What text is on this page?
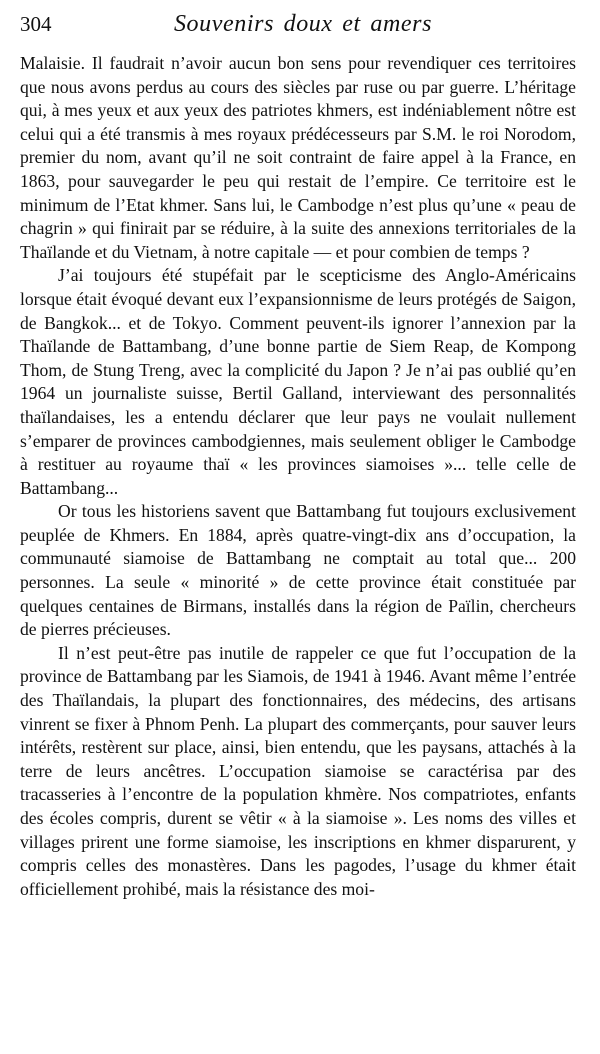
304	Souvenirs doux et amers

Malaisie. Il faudrait n’avoir aucun bon sens pour revendiquer ces territoires que nous avons perdus au cours des siècles par ruse ou par guerre. L’héritage qui, à mes yeux et aux yeux des patriotes khmers, est indéniablement nôtre est celui qui a été transmis à mes royaux prédécesseurs par S.M. le roi Norodom, premier du nom, avant qu’il ne soit contraint de faire appel à la France, en 1863, pour sauvegarder le peu qui restait de l’empire. Ce territoire est le minimum de l’Etat khmer. Sans lui, le Cambodge n’est plus qu’une « peau de chagrin » qui finirait par se réduire, à la suite des annexions territoriales de la Thaïlande et du Vietnam, à notre capitale — et pour combien de temps ?

J’ai toujours été stupéfait par le scepticisme des Anglo-Américains lorsque était évoqué devant eux l’expansionnisme de leurs protégés de Saigon, de Bangkok... et de Tokyo. Comment peuvent-ils ignorer l’annexion par la Thaïlande de Battambang, d’une bonne partie de Siem Reap, de Kompong Thom, de Stung Treng, avec la complicité du Japon ? Je n’ai pas oublié qu’en 1964 un journaliste suisse, Bertil Galland, interviewant des personnalités thaïlandaises, les a entendu déclarer que leur pays ne voulait nullement s’emparer de provinces cambodgiennes, mais seulement obliger le Cambodge à restituer au royaume thaï « les provinces siamoises »... telle celle de Battambang...

Or tous les historiens savent que Battambang fut toujours exclusivement peuplée de Khmers. En 1884, après quatre-vingt-dix ans d’occupation, la communauté siamoise de Battambang ne comptait au total que... 200 personnes. La seule « minorité » de cette province était constituée par quelques centaines de Birmans, installés dans la région de Païlin, chercheurs de pierres précieuses.

Il n’est peut-être pas inutile de rappeler ce que fut l’occupation de la province de Battambang par les Siamois, de 1941 à 1946. Avant même l’entrée des Thaïlandais, la plupart des fonctionnaires, des médecins, des artisans vinrent se fixer à Phnom Penh. La plupart des commerçants, pour sauver leurs intérêts, restèrent sur place, ainsi, bien entendu, que les paysans, attachés à la terre de leurs ancêtres. L’occupation siamoise se caractérisa par des tracasseries à l’encontre de la population khmère. Nos compatriotes, enfants des écoles compris, durent se vêtir « à la siamoise ». Les noms des villes et villages prirent une forme siamoise, les inscriptions en khmer disparurent, y compris celles des monastères. Dans les pagodes, l’usage du khmer était officiellement prohibé, mais la résistance des moi-
